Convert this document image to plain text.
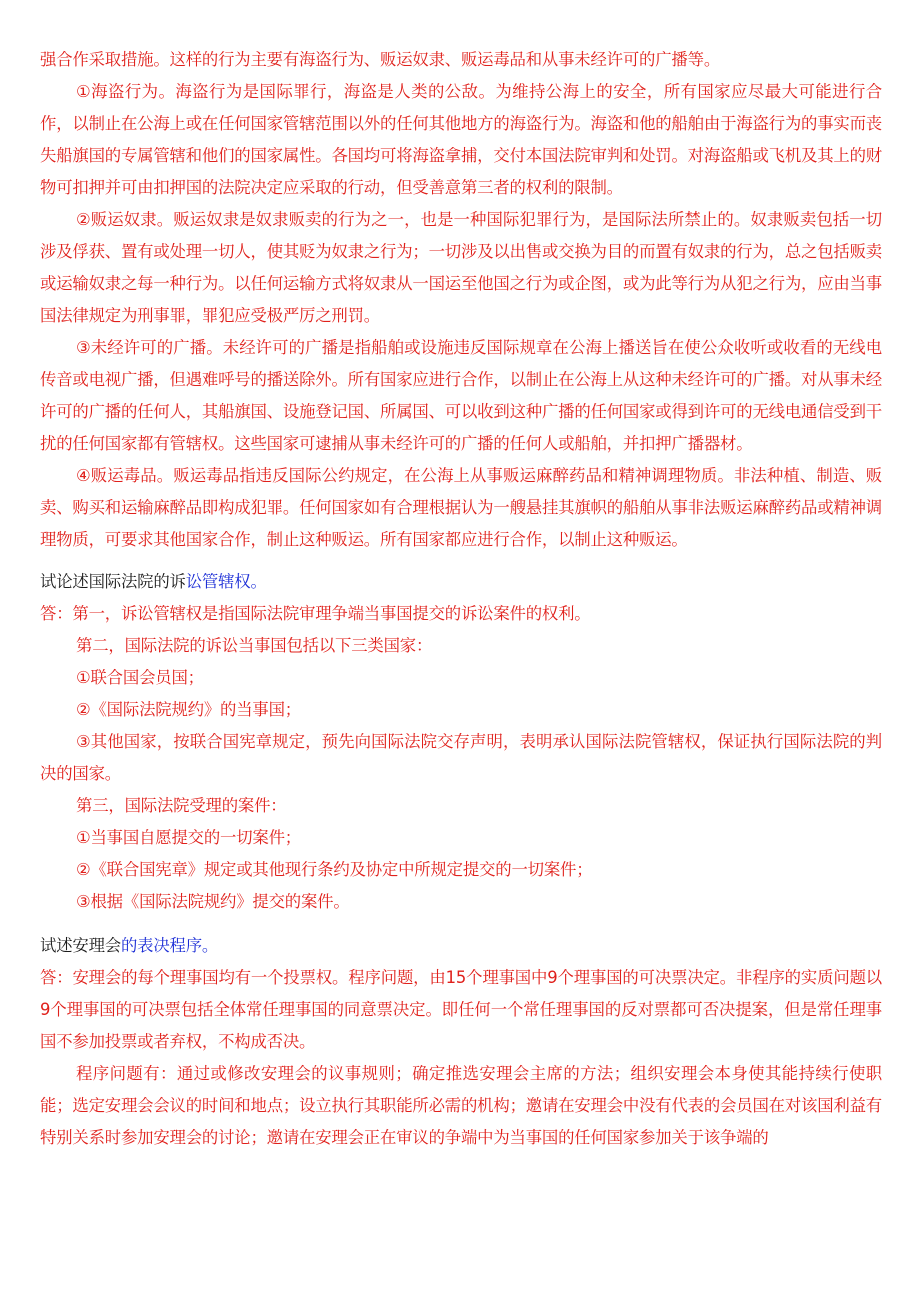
强合作采取措施。这样的行为主要有海盗行为、贩运奴隶、贩运毒品和从事未经许可的广播等。

①海盗行为。海盗行为是国际罪行，海盗是人类的公敌。为维持公海上的安全，所有国家应尽最大可能进行合作，以制止在公海上或在任何国家管辖范围以外的任何其他地方的海盗行为。海盗和他的船舶由于海盗行为的事实而丧失船旗国的专属管辖和他们的国家属性。各国均可将海盗拿捕，交付本国法院审判和处罚。对海盗船或飞机及其上的财物可扣押并可由扣押国的法院决定应采取的行动，但受善意第三者的权利的限制。

②贩运奴隶。贩运奴隶是奴隶贩卖的行为之一，也是一种国际犯罪行为，是国际法所禁止的。奴隶贩卖包括一切涉及俘获、置有或处理一切人，使其贬为奴隶之行为；一切涉及以出售或交换为目的而置有奴隶的行为，总之包括贩卖或运输奴隶之每一种行为。以任何运输方式将奴隶从一国运至他国之行为或企图，或为此等行为从犯之行为，应由当事国法律规定为刑事罪，罪犯应受极严厉之刑罚。

③未经许可的广播。未经许可的广播是指船舶或设施违反国际规章在公海上播送旨在使公众收听或收看的无线电传音或电视广播，但遇难呼号的播送除外。所有国家应进行合作，以制止在公海上从这种未经许可的广播。对从事未经许可的广播的任何人，其船旗国、设施登记国、所属国、可以收到这种广播的任何国家或得到许可的无线电通信受到干扰的任何国家都有管辖权。这些国家可逮捕从事未经许可的广播的任何人或船舶，并扣押广播器材。

④贩运毒品。贩运毒品指违反国际公约规定，在公海上从事贩运麻醉药品和精神调理物质。非法种植、制造、贩卖、购买和运输麻醉品即构成犯罪。任何国家如有合理根据认为一艘悬挂其旗帜的船舶从事非法贩运麻醉药品或精神调理物质，可要求其他国家合作，制止这种贩运。所有国家都应进行合作，以制止这种贩运。

试论述国际法院的诉讼管辖权。

答：第一，诉讼管辖权是指国际法院审理争端当事国提交的诉讼案件的权利。

第二，国际法院的诉讼当事国包括以下三类国家：

①联合国会员国；

②《国际法院规约》的当事国；

③其他国家，按联合国宪章规定，预先向国际法院交存声明，表明承认国际法院管辖权，保证执行国际法院的判决的国家。

第三，国际法院受理的案件：

①当事国自愿提交的一切案件；

②《联合国宪章》规定或其他现行条约及协定中所规定提交的一切案件；

③根据《国际法院规约》提交的案件。

试述安理会的表决程序。

答：安理会的每个理事国均有一个投票权。程序问题，由15个理事国中9个理事国的可决票决定。非程序的实质问题以9个理事国的可决票包括全体常任理事国的同意票决定。即任何一个常任理事国的反对票都可否决提案，但是常任理事国不参加投票或者弃权，不构成否决。

程序问题有：通过或修改安理会的议事规则；确定推选安理会主席的方法；组织安理会本身使其能持续行使职能；选定安理会会议的时间和地点；设立执行其职能所必需的机构；邀请在安理会中没有代表的会员国在对该国利益有特别关系时参加安理会的讨论；邀请在安理会正在审议的争端中为当事国的任何国家参加关于该争端的
